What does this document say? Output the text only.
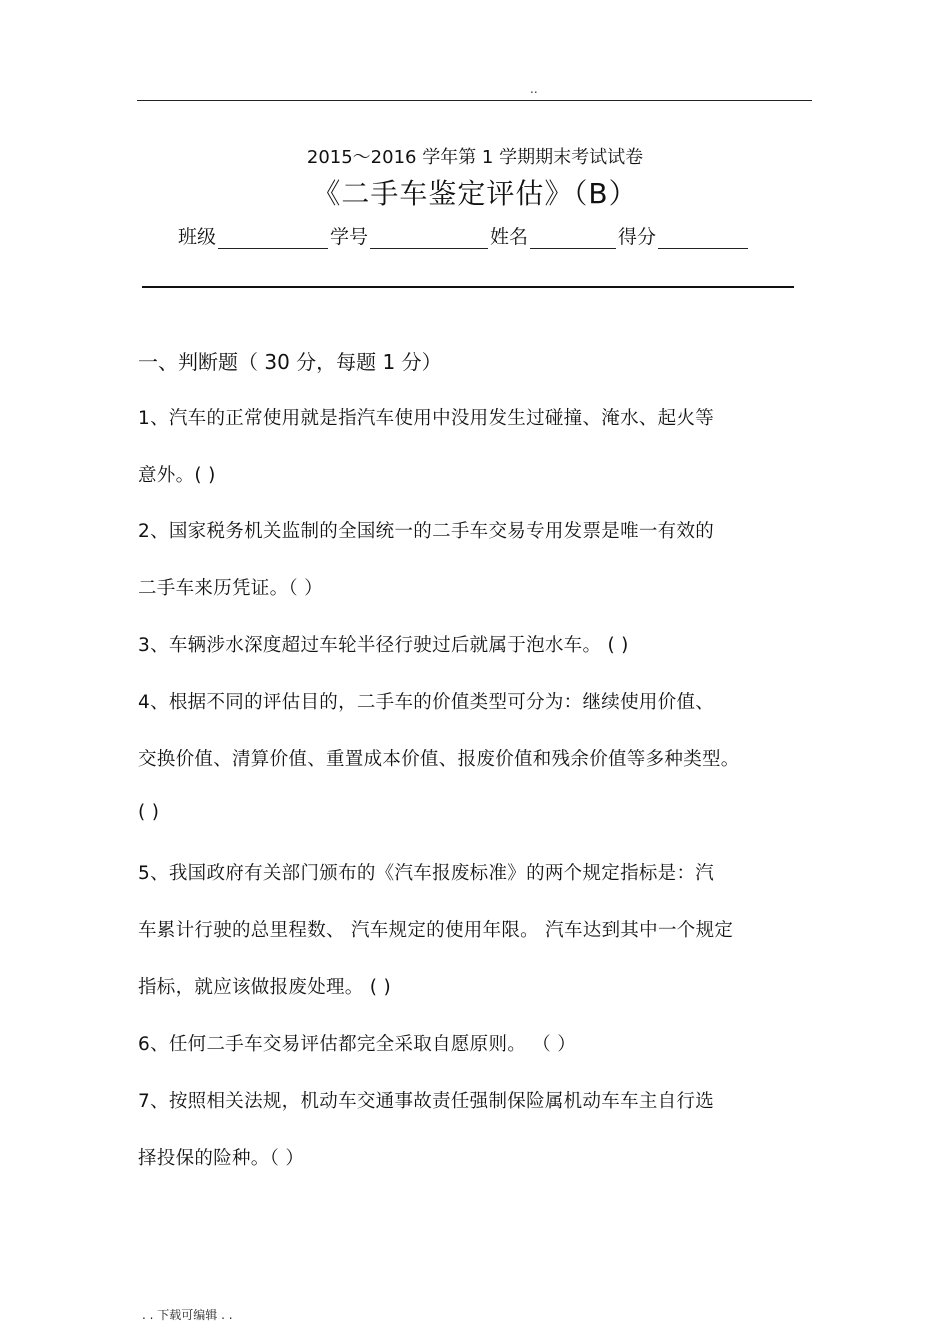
..
2015～2016 学年第 1 学期期末考试试卷
《二手车鉴定评估》（B）
班级	学号	姓名	得分
一、判断题（ 30 分，每题 1 分）
1、汽车的正常使用就是指汽车使用中没用发生过碰撞、淹水、起火等
意外。( )
2、国家税务机关监制的全国统一的二手车交易专用发票是唯一有效的
二手车来历凭证。（ ）
3、车辆涉水深度超过车轮半径行驶过后就属于泡水车。 ( )
4、根据不同的评估目的，二手车的价值类型可分为：继续使用价值、
交换价值、清算价值、重置成本价值、报废价值和残余价值等多种类型。
( )
5、我国政府有关部门颁布的《汽车报废标准》的两个规定指标是：汽
车累计行驶的总里程数、 汽车规定的使用年限。 汽车达到其中一个规定
指标，就应该做报废处理。 ( )
6、任何二手车交易评估都完全采取自愿原则。 （ ）
7、按照相关法规，机动车交通事故责任强制保险属机动车车主自行选
择投保的险种。（ ）
. . 下载可编辑 . .
